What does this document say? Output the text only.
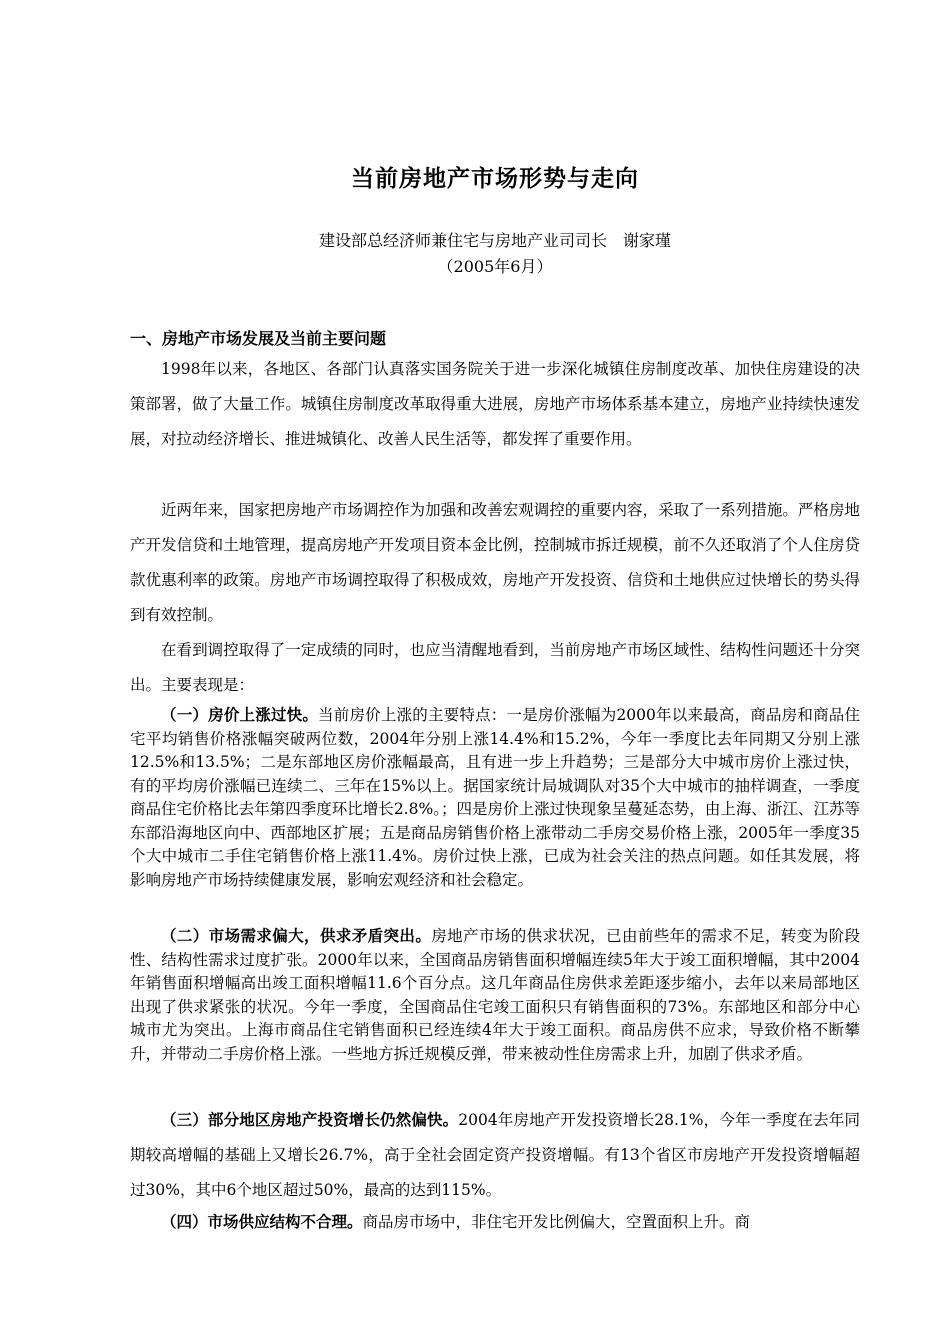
当前房地产市场形势与走向
建设部总经济师兼住宅与房地产业司司长　谢家瑾
（2005年6月）
一、房地产市场发展及当前主要问题

1998年以来，各地区、各部门认真落实国务院关于进一步深化城镇住房制度改革、加快住房建设的决策部署，做了大量工作。城镇住房制度改革取得重大进展，房地产市场体系基本建立，房地产业持续快速发展，对拉动经济增长、推进城镇化、改善人民生活等，都发挥了重要作用。

近两年来，国家把房地产市场调控作为加强和改善宏观调控的重要内容，采取了一系列措施。严格房地产开发信贷和土地管理，提高房地产开发项目资本金比例，控制城市拆迁规模，前不久还取消了个人住房贷款优惠利率的政策。房地产市场调控取得了积极成效，房地产开发投资、信贷和土地供应过快增长的势头得到有效控制。

在看到调控取得了一定成绩的同时，也应当清醒地看到，当前房地产市场区域性、结构性问题还十分突出。主要表现是：

（一）房价上涨过快。当前房价上涨的主要特点：一是房价涨幅为2000年以来最高，商品房和商品住宅平均销售价格涨幅突破两位数，2004年分别上涨14.4%和15.2%，今年一季度比去年同期又分别上涨12.5%和13.5%；二是东部地区房价涨幅最高，且有进一步上升趋势；三是部分大中城市房价上涨过快，有的平均房价涨幅已连续二、三年在15%以上。据国家统计局城调队对35个大中城市的抽样调查，一季度商品住宅价格比去年第四季度环比增长2.8%。；四是房价上涨过快现象呈蔓延态势，由上海、浙江、江苏等东部沿海地区向中、西部地区扩展；五是商品房销售价格上涨带动二手房交易价格上涨，2005年一季度35个大中城市二手住宅销售价格上涨11.4%。房价过快上涨，已成为社会关注的热点问题。如任其发展，将影响房地产市场持续健康发展，影响宏观经济和社会稳定。

（二）市场需求偏大，供求矛盾突出。房地产市场的供求状况，已由前些年的需求不足，转变为阶段性、结构性需求过度扩张。2000年以来，全国商品房销售面积增幅连续5年大于竣工面积增幅，其中2004年销售面积增幅高出竣工面积增幅11.6个百分点。这几年商品住房供求差距逐步缩小，去年以来局部地区出现了供求紧张的状况。今年一季度，全国商品住宅竣工面积只有销售面积的73%。东部地区和部分中心城市尤为突出。上海市商品住宅销售面积已经连续4年大于竣工面积。商品房供不应求，导致价格不断攀升，并带动二手房价格上涨。一些地方拆迁规模反弹，带来被动性住房需求上升，加剧了供求矛盾。

（三）部分地区房地产投资增长仍然偏快。2004年房地产开发投资增长28.1%，今年一季度在去年同期较高增幅的基础上又增长26.7%，高于全社会固定资产投资增幅。有13个省区市房地产开发投资增幅超过30%，其中6个地区超过50%，最高的达到115%。

（四）市场供应结构不合理。商品房市场中，非住宅开发比例偏大，空置面积上升。商
